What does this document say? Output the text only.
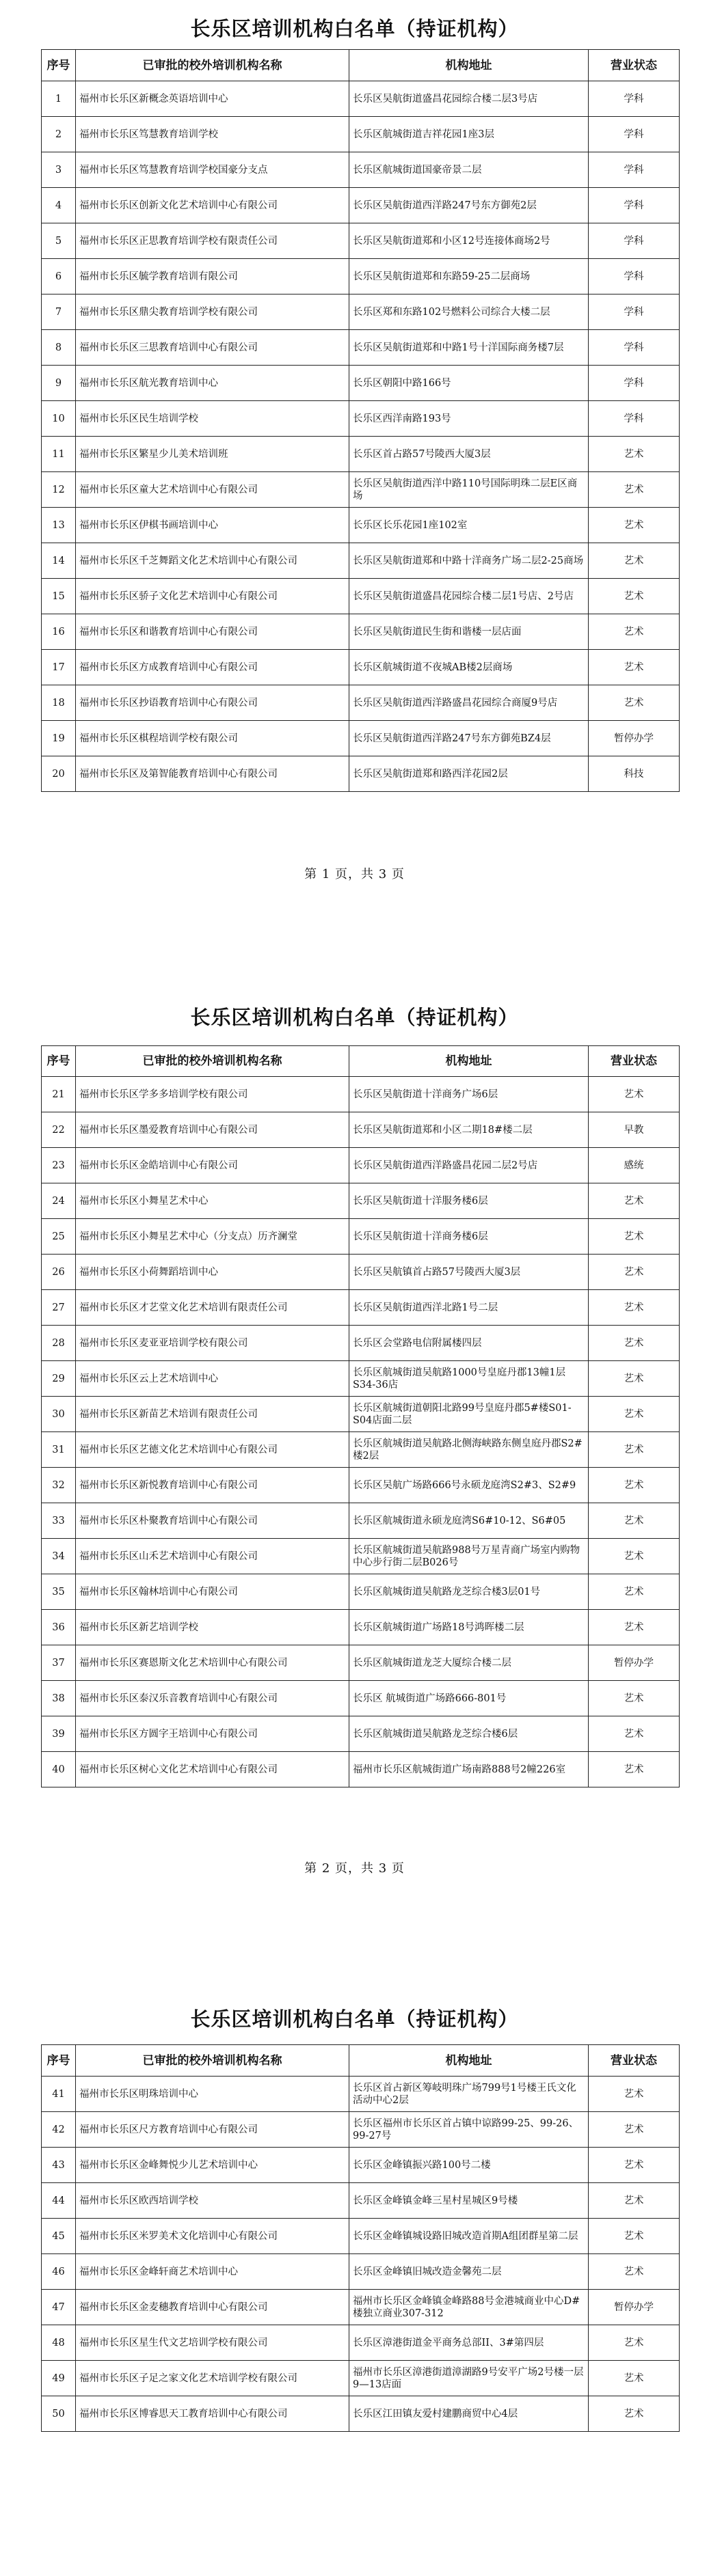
长乐区培训机构白名单（持证机构）
序号	已审批的校外培训机构名称	机构地址	营业状态
1	福州市长乐区新概念英语培训中心	长乐区吴航街道盛昌花园综合楼二层3号店	学科
2	福州市长乐区笃慧教育培训学校	长乐区航城街道吉祥花园1座3层	学科
3	福州市长乐区笃慧教育培训学校国豪分支点	长乐区航城街道国豪帝景二层	学科
4	福州市长乐区创新文化艺术培训中心有限公司	长乐区吴航街道西洋路247号东方御苑2层	学科
5	福州市长乐区正思教育培训学校有限责任公司	长乐区吴航街道郑和小区12号连接体商场2号	学科
6	福州市长乐区毓学教育培训有限公司	长乐区吴航街道郑和东路59-25二层商场	学科
7	福州市长乐区鼎尖教育培训学校有限公司	长乐区郑和东路102号燃料公司综合大楼二层	学科
8	福州市长乐区三思教育培训中心有限公司	长乐区吴航街道郑和中路1号十洋国际商务楼7层	学科
9	福州市长乐区航光教育培训中心	长乐区朝阳中路166号	学科
10	福州市长乐区民生培训学校	长乐区西洋南路193号	学科
11	福州市长乐区繁星少儿美术培训班	长乐区首占路57号陵西大厦3层	艺术
12	福州市长乐区童大艺术培训中心有限公司	长乐区吴航街道西洋中路110号国际明珠二层E区商场	艺术
13	福州市长乐区伊棋书画培训中心	长乐区长乐花园1座102室	艺术
14	福州市长乐区千芝舞蹈文化艺术培训中心有限公司	长乐区吴航街道郑和中路十洋商务广场二层2-25商场	艺术
15	福州市长乐区骄子文化艺术培训中心有限公司	长乐区吴航街道盛昌花园综合楼二层1号店、2号店	艺术
16	福州市长乐区和谐教育培训中心有限公司	长乐区吴航街道民生街和谐楼一层店面	艺术
17	福州市长乐区方成教育培训中心有限公司	长乐区航城街道不夜城AB楼2层商场	艺术
18	福州市长乐区抄语教育培训中心有限公司	长乐区吴航街道西洋路盛昌花园综合商厦9号店	艺术
19	福州市长乐区棋程培训学校有限公司	长乐区吴航街道西洋路247号东方御苑BZ4层	暂停办学
20	福州市长乐区及第智能教育培训中心有限公司	长乐区吴航街道郑和路西洋花园2层	科技
第 1 页，共 3 页
长乐区培训机构白名单（持证机构）
序号	已审批的校外培训机构名称	机构地址	营业状态
21	福州市长乐区学多多培训学校有限公司	长乐区吴航街道十洋商务广场6层	艺术
22	福州市长乐区墨爱教育培训中心有限公司	长乐区吴航街道郑和小区二期18#楼二层	早教
23	福州市长乐区金皓培训中心有限公司	长乐区吴航街道西洋路盛昌花园二层2号店	感统
24	福州市长乐区小舞星艺术中心	长乐区吴航街道十洋服务楼6层	艺术
25	福州市长乐区小舞星艺术中心（分支点）历齐澜堂	长乐区吴航街道十洋商务楼6层	艺术
26	福州市长乐区小荷舞蹈培训中心	长乐区吴航镇首占路57号陵西大厦3层	艺术
27	福州市长乐区才艺堂文化艺术培训有限责任公司	长乐区吴航街道西洋北路1号二层	艺术
28	福州市长乐区麦亚亚培训学校有限公司	长乐区会堂路电信附属楼四层	艺术
29	福州市长乐区云上艺术培训中心	长乐区航城街道吴航路1000号皇庭丹郡13幢1层S34-36店	艺术
30	福州市长乐区新苗艺术培训有限责任公司	长乐区航城街道朝阳北路99号皇庭丹郡5#楼S01-S04店面二层	艺术
31	福州市长乐区艺德文化艺术培训中心有限公司	长乐区航城街道吴航路北侧海峡路东侧皇庭丹郡S2#楼2层	艺术
32	福州市长乐区新悦教育培训中心有限公司	长乐区吴航广场路666号永硕龙庭湾S2#3、S2#9	艺术
33	福州市长乐区朴聚教育培训中心有限公司	长乐区航城街道永硕龙庭湾S6#10-12、S6#05	艺术
34	福州市长乐区山禾艺术培训中心有限公司	长乐区航城街道吴航路988号万星青商广场室内购物中心步行街二层B026号	艺术
35	福州市长乐区翰林培训中心有限公司	长乐区航城街道吴航路龙芝综合楼3层01号	艺术
36	福州市长乐区新艺培训学校	长乐区航城街道广场路18号鸿晖楼二层	艺术
37	福州市长乐区赛恩斯文化艺术培训中心有限公司	长乐区航城街道龙芝大厦综合楼二层	暂停办学
38	福州市长乐区泰汉乐音教育培训中心有限公司	长乐区 航城街道广场路666-801号	艺术
39	福州市长乐区方圆字王培训中心有限公司	长乐区航城街道吴航路龙芝综合楼6层	艺术
40	福州市长乐区树心文化艺术培训中心有限公司	福州市长乐区航城街道广场南路888号2幢226室	艺术
第 2 页，共 3 页
长乐区培训机构白名单（持证机构）
序号	已审批的校外培训机构名称	机构地址	营业状态
41	福州市长乐区明珠培训中心	长乐区首占新区筹岐明珠广场799号1号楼王氏文化活动中心2层	艺术
42	福州市长乐区尺方教育培训中心有限公司	长乐区福州市长乐区首占镇中谅路99-25、99-26、99-27号	艺术
43	福州市长乐区金峰舞悦少儿艺术培训中心	长乐区金峰镇振兴路100号二楼	艺术
44	福州市长乐区欧西培训学校	长乐区金峰镇金峰三星村星城区9号楼	艺术
45	福州市长乐区米罗美术文化培训中心有限公司	长乐区金峰镇城设路旧城改造首期A组团群星第二层	艺术
46	福州市长乐区金峰轩商艺术培训中心	长乐区金峰镇旧城改造金馨苑二层	艺术
47	福州市长乐区金麦穗教育培训中心有限公司	福州市长乐区金峰镇金峰路88号金港城商业中心D#楼独立商业307-312	暂停办学
48	福州市长乐区星生代文艺培训学校有限公司	长乐区漳港街道金平商务总部II、3#第四层	艺术
49	福州市长乐区子足之家文化艺术培训学校有限公司	福州市长乐区漳港街道漳湖路9号安平广场2号楼一层9—13店面	艺术
50	福州市长乐区博睿思天工教育培训中心有限公司	长乐区江田镇友爱村建鹏商贸中心4层	艺术
